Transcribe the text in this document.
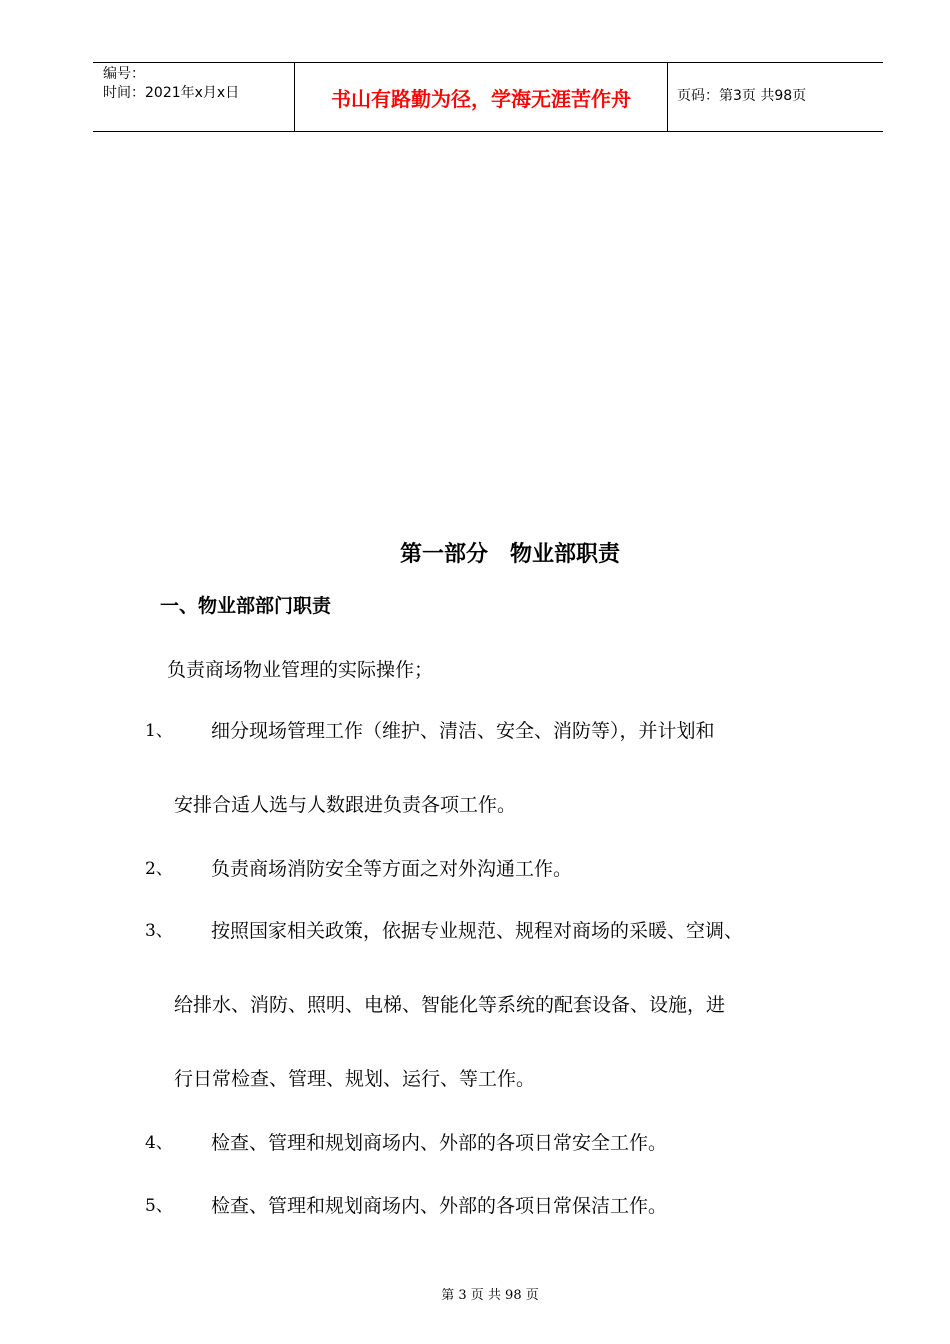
编号：
时间：2021年x月x日	书山有路勤为径，学海无涯苦作舟	页码：第3页 共98页
第一部分　物业部职责
一、物业部部门职责
负责商场物业管理的实际操作；
1、 细分现场管理工作（维护、清洁、安全、消防等），并计划和
安排合适人选与人数跟进负责各项工作。
2、 负责商场消防安全等方面之对外沟通工作。
3、 按照国家相关政策，依据专业规范、规程对商场的采暖、空调、
给排水、消防、照明、电梯、智能化等系统的配套设备、设施，进
行日常检查、管理、规划、运行、等工作。
4、 检查、管理和规划商场内、外部的各项日常安全工作。
5、 检查、管理和规划商场内、外部的各项日常保洁工作。
第 3 页 共 98 页
